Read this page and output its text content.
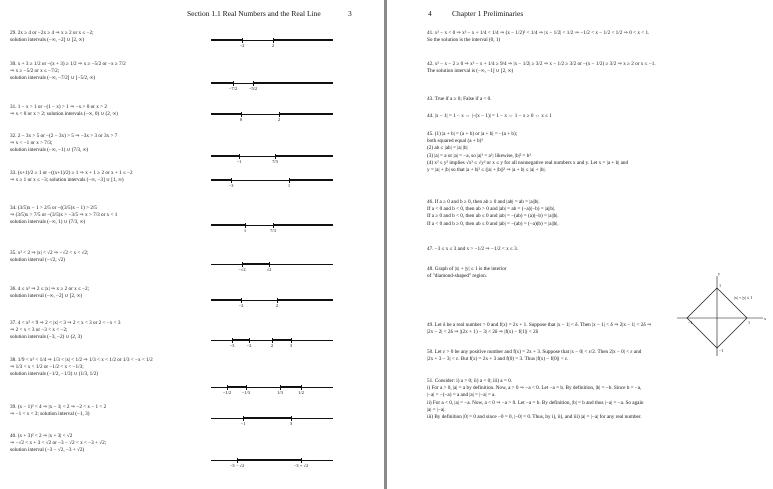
Section 1.1 Real Numbers and the Real Line	3
29. 2x ≥ 4 or −2x ≥ 4 ⇒ x ≥ 2 or x ≤ −2;
solution intervals (−∞, −2] ∪ [2, ∞)
30. x + 3 ≥ 1/2 or −(x + 3) ≥ 1/2 ⇒ x ≥ −5/2 or −x ≥ 7/2
⇒ x ≥ −5/2 or x ≤ −7/2;
solution intervals (−∞, −7/2] ∪ [−5/2, ∞)
31. 1 − x > 1 or −(1 − x) > 1 ⇒ −x > 0 or x > 2
⇒ x < 0 or x > 2; solution intervals (−∞, 0) ∪ (2, ∞)
32. 2 − 3x > 5 or −(2 − 3x) > 5 ⇒ −3x > 3 or 3x > 7
⇒ x < −1 or x > 7/3;
solution intervals (−∞, −1) ∪ (7/3, ∞)
33. (x+1)/2 ≥ 1 or −((x+1)/2) ≥ 1 ⇒ x + 1 ≥ 2 or x + 1 ≤ −2
⇒ x ≥ 1 or x ≤ −3; solution intervals (−∞, −3] ∪ [1, ∞)
34. (3/5)x − 1 > 2/5 or −((3/5)x − 1) > 2/5
⇒ (3/5)x > 7/5 or −(3/5)x > −3/5 ⇒ x > 7/3 or x < 1
solution intervals (−∞, 1) ∪ (7/3, ∞)
35. x² < 2 ⇒ |x| < √2 ⇒ −√2 < x < √2;
solution interval (−√2, √2)
36. 4 ≤ x² ⇒ 2 ≤ |x| ⇒ x ≥ 2 or x ≤ −2;
solution interval (−∞, −2] ∪ [2, ∞)
37. 4 < x² < 9 ⇒ 2 < |x| < 3 ⇒ 2 < x < 3 or 2 < −x < 3
⇒ 2 < x < 3 or −3 < x < −2;
solution intervals (−3, −2) ∪ (2, 3)
38. 1/9 < x² < 1/4 ⇒ 1/3 < |x| < 1/2 ⇒ 1/3 < x < 1/2 or 1/3 < −x < 1/2
⇒ 1/3 < x < 1/2 or −1/2 < x < −1/3;
solution intervals (−1/2, −1/3) ∪ (1/3, 1/2)
39. (x − 1)² < 4 ⇒ |x − 1| < 2 ⇒ −2 < x − 1 < 2
⇒ −1 < x < 3; solution interval (−1, 3)
40. (x + 3)² < 2 ⇒ |x + 3| < √2
⇒ −√2 < x + 3 < √2 or −3 − √2 < x < −3 + √2;
solution interval (−3 − √2, −3 + √2)
−2	2
−7/2	−5/2
0	2
−1	7/3
−3	1
1	7/3
−√2	√2
−2	2
−3	−2	2	3
−1/2 −1/3	1/3	1/2
−1	3
−3 − √2	−3 + √2
4	Chapter 1 Preliminaries
41. x² − x < 0 ⇒ x² − x + 1/4 < 1/4 ⇒ (x − 1/2)² < 1/4 ⇒ |x − 1/2| < 1/2 ⇒ −1/2 < x − 1/2 < 1/2 ⇒ 0 < x < 1.
So the solution is the interval (0, 1)
42. x² − x − 2 ≥ 0 ⇒ x² − x + 1/4 ≥ 9/4 ⇒ |x − 1/2| ≥ 3/2 ⇒ x − 1/2 ≥ 3/2 or −(x − 1/2) ≥ 3/2 ⇒ x ≥ 2 or x ≤ −1.
The solution interval is (−∞, −1] ∪ [2, ∞)
43. True if a ≥ 0; False if a < 0.
44. |x − 1| = 1 − x ⇔ |−(x − 1)| = 1 − x ⇔ 1 − x ≥ 0 ⇔ x ≤ 1
45. (1) |a + b| = (a + b) or |a + b| = −(a + b);
both squared equal (a + b)²
(2) ab ≤ |ab| = |a| |b|
(3) |a| = a or |a| = −a, so |a|² = a²; likewise, |b|² = b²
(4) x² ≤ y² implies √x² ≤ √y² or x ≤ y for all nonnegative real numbers x and y. Let x = |a + b| and
y = |a| + |b| so that |a + b|² ≤ (|a| + |b|)² ⇒ |a + b| ≤ |a| + |b|.
46. If a ≥ 0 and b ≥ 0, then ab ≥ 0 and |ab| = ab = |a||b|.
If a < 0 and b < 0, then ab > 0 and |ab| = ab = (−a)(−b) = |a||b|.
If a ≥ 0 and b < 0, then ab ≤ 0 and |ab| = −(ab) = (a)(−b) = |a||b|.
If a < 0 and b ≥ 0, then ab ≤ 0 and |ab| = −(ab) = (−a)(b) = |a||b|.
47. −3 ≤ x ≤ 3 and x > −1/2 ⇒ −1/2 < x ≤ 3.
48. Graph of |x| + |y| ≤ 1 is the interior
of "diamond-shaped" region.
49. Let δ be a real number > 0 and f(x) = 2x + 1. Suppose that |x − 1| < δ. Then |x − 1| < δ ⇒ 2|x − 1| < 2δ ⇒
|2x − 2| < 2δ ⇒ |(2x + 1) − 3| < 2δ ⇒ |f(x) − f(1)| < 2δ
50. Let ε > 0 be any positive number and f(x) = 2x + 3. Suppose that |x − 0| < ε/2. Then 2|x − 0| < ε and
|2x + 3 − 3| < ε. But f(x) = 2x + 3 and f(0) = 3. Thus |f(x) − f(0)| < ε.
51. Consider: i) a > 0; ii) a < 0; iii) a = 0.
i) For a > 0, |a| = a by definition. Now, a > 0 ⇒ −a < 0. Let −a = b. By definition, |b| = −b. Since b = −a,
|−a| = −(−a) = a and |a| = |−a| = a.
ii) For a < 0, |a| = −a. Now, a < 0 ⇒ −a > 0. Let −a = b. By definition, |b| = b and thus |−a| = −a. So again
|a| = |−a|.
iii) By definition |0| = 0 and since −0 = 0, |−0| = 0. Thus, by i), ii), and iii) |a| = |−a| for any real number.
x
y
|x| + |y| ≤ 1
1
−1	1
−1
